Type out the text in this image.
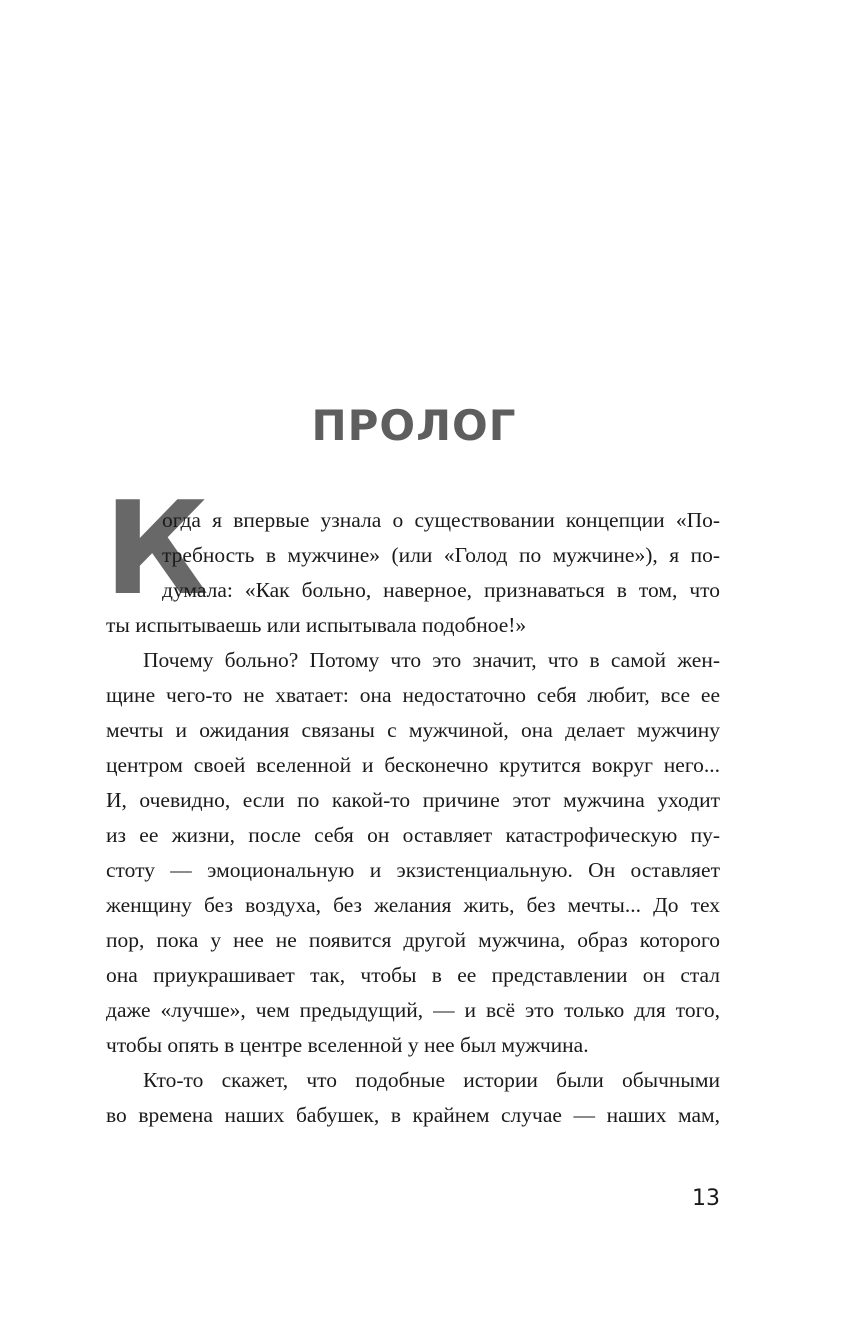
ПРОЛОГ
К
огда я впервые узнала о существовании концепции «По-
требность в мужчине» (или «Голод по мужчине»), я по-
думала: «Как больно, наверное, признаваться в том, что
ты испытываешь или испытывала подобное!»
Почему больно? Потому что это значит, что в самой жен-
щине чего-то не хватает: она недостаточно себя любит, все ее
мечты и ожидания связаны с мужчиной, она делает мужчину
центром своей вселенной и бесконечно крутится вокруг него...
И, очевидно, если по какой-то причине этот мужчина уходит
из ее жизни, после себя он оставляет катастрофическую пу-
стоту — эмоциональную и экзистенциальную. Он оставляет
женщину без воздуха, без желания жить, без мечты... До тех
пор, пока у нее не появится другой мужчина, образ которого
она приукрашивает так, чтобы в ее представлении он стал
даже «лучше», чем предыдущий, — и всё это только для того,
чтобы опять в центре вселенной у нее был мужчина.
Кто-то скажет, что подобные истории были обычными
во времена наших бабушек, в крайнем случае — наших мам,
13
